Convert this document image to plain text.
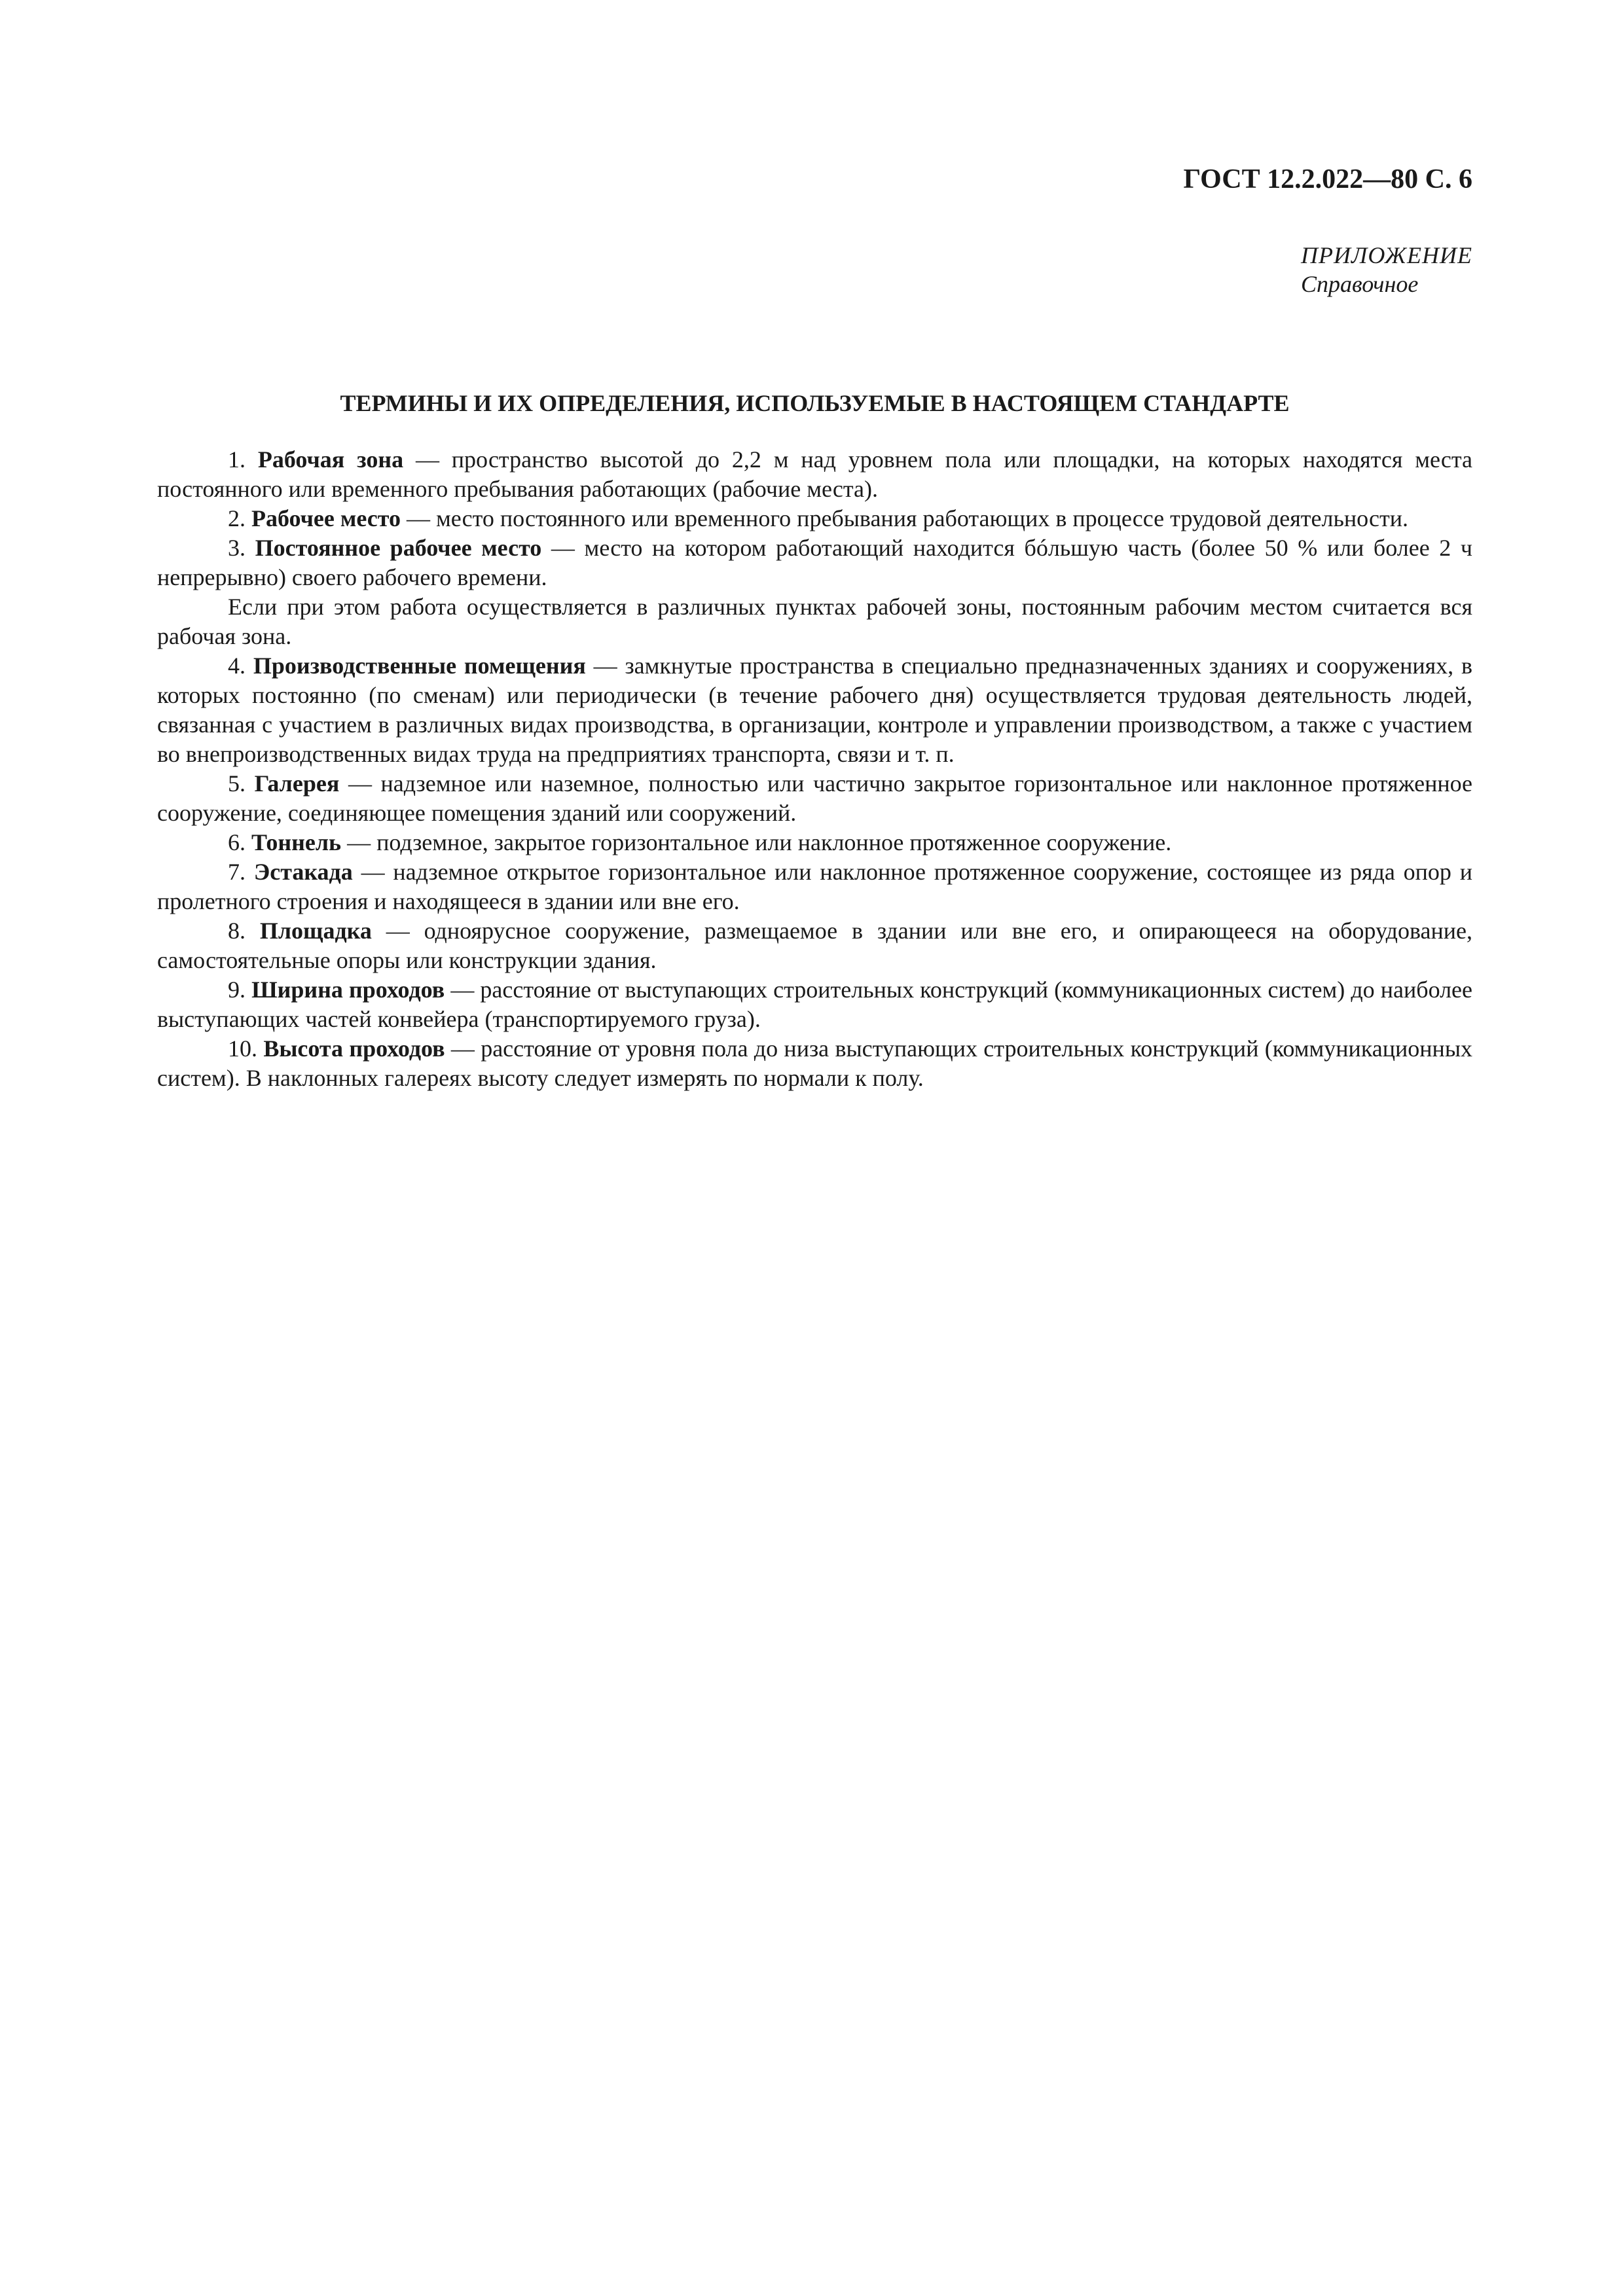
ГОСТ 12.2.022—80 С. 6
ПРИЛОЖЕНИЕ
Справочное
ТЕРМИНЫ И ИХ ОПРЕДЕЛЕНИЯ, ИСПОЛЬЗУЕМЫЕ В НАСТОЯЩЕМ СТАНДАРТЕ

1. Рабочая зона — пространство высотой до 2,2 м над уровнем пола или площадки, на которых находятся места постоянного или временного пребывания работающих (рабочие места).

2. Рабочее место — место постоянного или временного пребывания работающих в процессе трудовой деятельности.

3. Постоянное рабочее место — место на котором работающий находится бóльшую часть (более 50 % или более 2 ч непрерывно) своего рабочего времени.

Если при этом работа осуществляется в различных пунктах рабочей зоны, постоянным рабочим местом считается вся рабочая зона.

4. Производственные помещения — замкнутые пространства в специально предназначенных зданиях и сооружениях, в которых постоянно (по сменам) или периодически (в течение рабочего дня) осуществляется трудовая деятельность людей, связанная с участием в различных видах производства, в организации, контроле и управлении производством, а также с участием во внепроизводственных видах труда на предприятиях транспорта, связи и т. п.

5. Галерея — надземное или наземное, полностью или частично закрытое горизонтальное или наклонное протяженное сооружение, соединяющее помещения зданий или сооружений.

6. Тоннель — подземное, закрытое горизонтальное или наклонное протяженное сооружение.

7. Эстакада — надземное открытое горизонтальное или наклонное протяженное сооружение, состоящее из ряда опор и пролетного строения и находящееся в здании или вне его.

8. Площадка — одноярусное сооружение, размещаемое в здании или вне его, и опирающееся на оборудование, самостоятельные опоры или конструкции здания.

9. Ширина проходов — расстояние от выступающих строительных конструкций (коммуникационных систем) до наиболее выступающих частей конвейера (транспортируемого груза).

10. Высота проходов — расстояние от уровня пола до низа выступающих строительных конструкций (коммуникационных систем). В наклонных галереях высоту следует измерять по нормали к полу.
